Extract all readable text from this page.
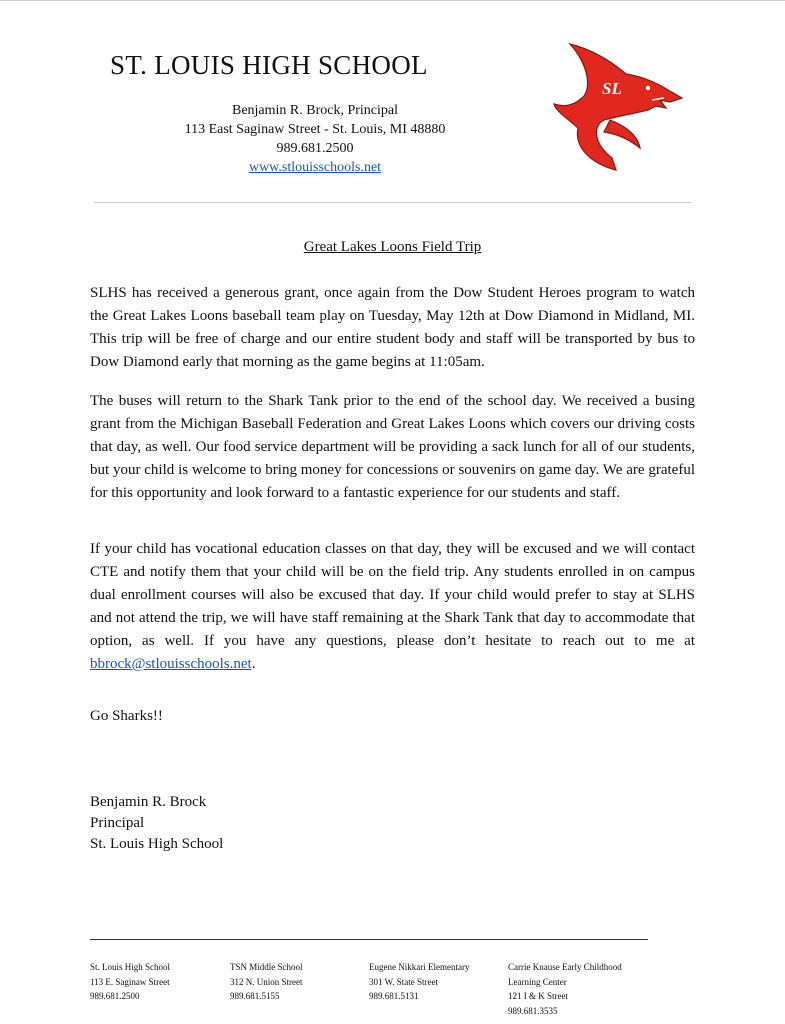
ST. LOUIS HIGH SCHOOL
Benjamin R. Brock, Principal
113 East Saginaw Street - St. Louis, MI 48880
989.681.2500
www.stlouisschools.net
SL
Great Lakes Loons Field Trip
SLHS has received a generous grant, once again from the Dow Student Heroes program to watch the Great Lakes Loons baseball team play on Tuesday, May 12th at Dow Diamond in Midland, MI. This trip will be free of charge and our entire student body and staff will be transported by bus to Dow Diamond early that morning as the game begins at 11:05am.
The buses will return to the Shark Tank prior to the end of the school day. We received a busing grant from the Michigan Baseball Federation and Great Lakes Loons which covers our driving costs that day, as well. Our food service department will be providing a sack lunch for all of our students, but your child is welcome to bring money for concessions or souvenirs on game day. We are grateful for this opportunity and look forward to a fantastic experience for our students and staff.
If your child has vocational education classes on that day, they will be excused and we will contact CTE and notify them that your child will be on the field trip. Any students enrolled in on campus dual enrollment courses will also be excused that day. If your child would prefer to stay at SLHS and not attend the trip, we will have staff remaining at the Shark Tank that day to accommodate that option, as well. If you have any questions, please don’t hesitate to reach out to me at bbrock@stlouisschools.net.
Go Sharks!!
Benjamin R. Brock
Principal
St. Louis High School
St. Louis High School
113 E. Saginaw Street
989.681.2500
TSN Middle School
312 N. Union Street
989.681.5155
Eugene Nikkari Elementary
301 W. State Street
989.681.5131
Carrie Knause Early Childhood
Learning Center
121 I & K Street
989.681.3535
